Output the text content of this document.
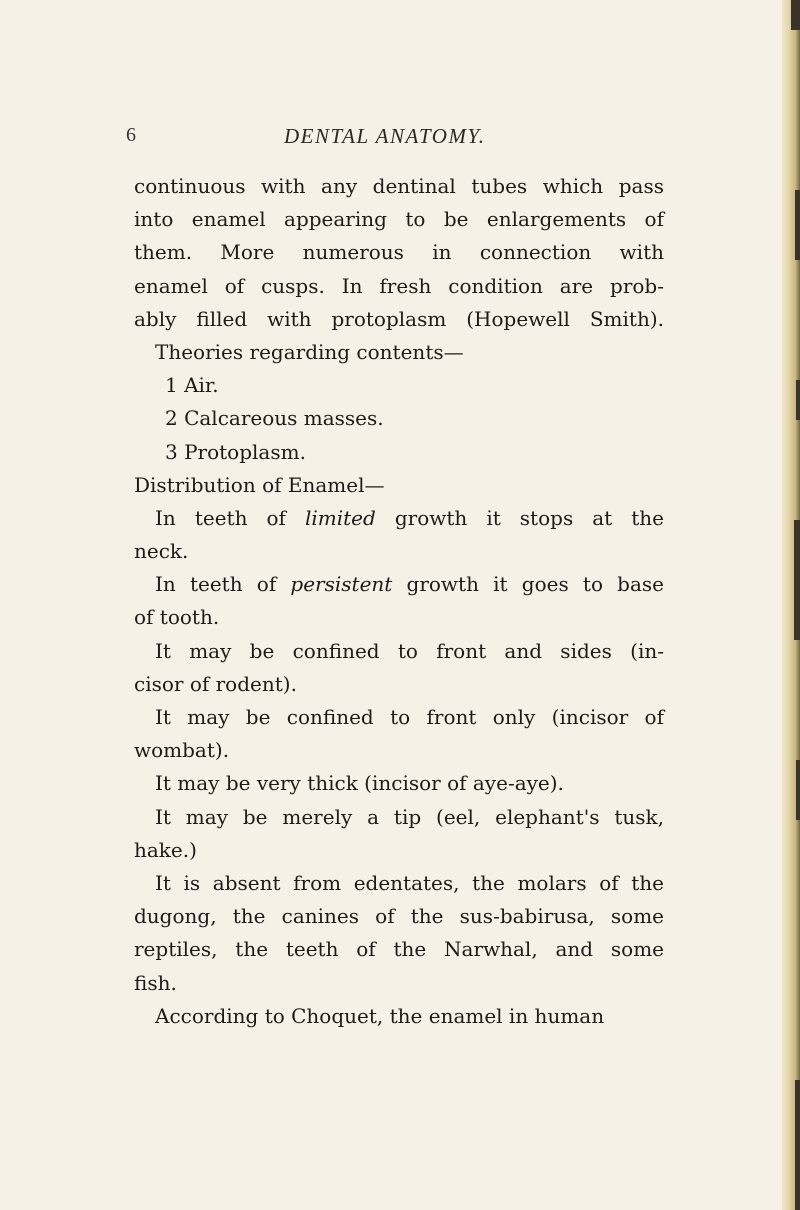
6	DENTAL ANATOMY.
continuous with any dentinal tubes which pass
into enamel appearing to be enlargements of
them. More numerous in connection with
enamel of cusps. In fresh condition are prob-
ably filled with protoplasm (Hopewell Smith).
Theories regarding contents—
1 Air.
2 Calcareous masses.
3 Protoplasm.
Distribution of Enamel—
In teeth of limited growth it stops at the
neck.
In teeth of persistent growth it goes to base
of tooth.
It may be confined to front and sides (in-
cisor of rodent).
It may be confined to front only (incisor of
wombat).
It may be very thick (incisor of aye-aye).
It may be merely a tip (eel, elephant's tusk,
hake.)
It is absent from edentates, the molars of the
dugong, the canines of the sus-babirusa, some
reptiles, the teeth of the Narwhal, and some
fish.
According to Choquet, the enamel in human
